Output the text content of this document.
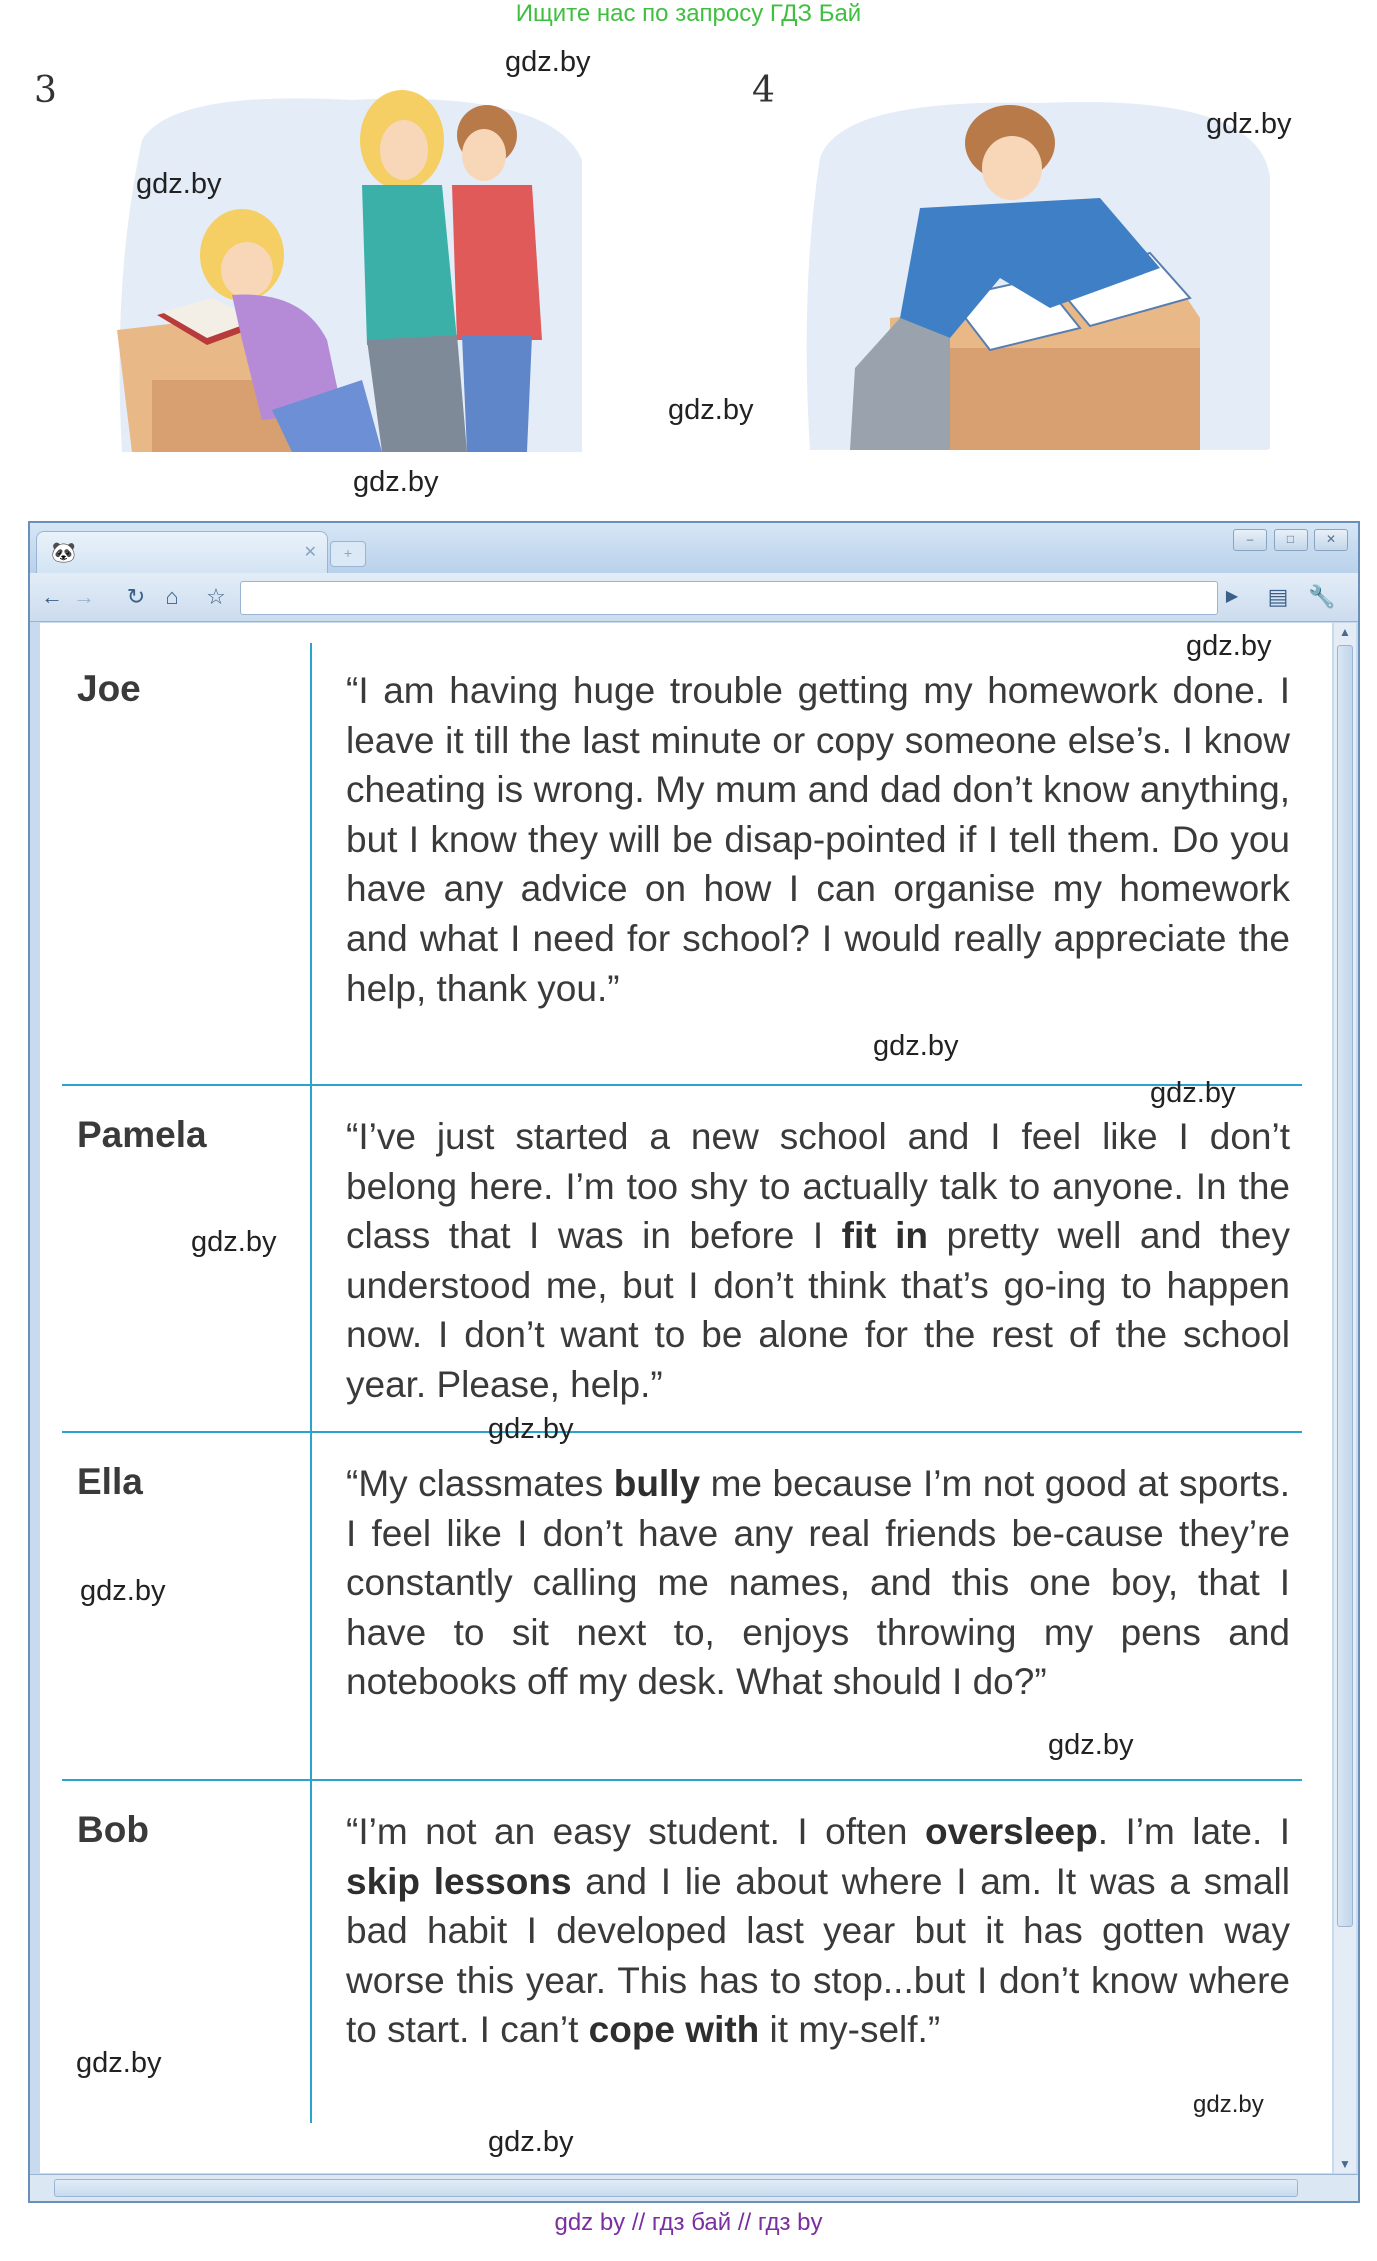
Ищите нас по запросу ГДЗ Бай
3	4
gdz.by
gdz.by
gdz.by
gdz.by
gdz.by
🐼	✕	+
–	□	✕
← → ↻ ⌂	☆	▶	▤ 🔧
▲
▼
Joe	“I am having huge trouble getting my homework done. I leave it till the last minute or copy someone else’s. I know cheating is wrong. My mum and dad don’t know anything, but I know they will be disap-pointed if I tell them. Do you have any advice on how I can organise my homework and what I need for school? I would really appreciate the help, thank you.”
Pamela	“I’ve just started a new school and I feel like I don’t belong here. I’m too shy to actually talk to anyone. In the class that I was in before I fit in pretty well and they understood me, but I don’t think that’s go-ing to happen now. I don’t want to be alone for the rest of the school year. Please, help.”
Ella	“My classmates bully me because I’m not good at sports. I feel like I don’t have any real friends be-cause they’re constantly calling me names, and this one boy, that I have to sit next to, enjoys throwing my pens and notebooks off my desk. What should I do?”
Bob	“I’m not an easy student. I often oversleep. I’m late. I skip lessons and I lie about where I am. It was a small bad habit I developed last year but it has gotten way worse this year. This has to stop...but I don’t know where to start. I can’t cope with it my-self.”
gdz.by
gdz.by
gdz.by
gdz.by
gdz.by
gdz.by
gdz.by
gdz.by
gdz.by
gdz.by
gdz by // гдз бай // гдз by
